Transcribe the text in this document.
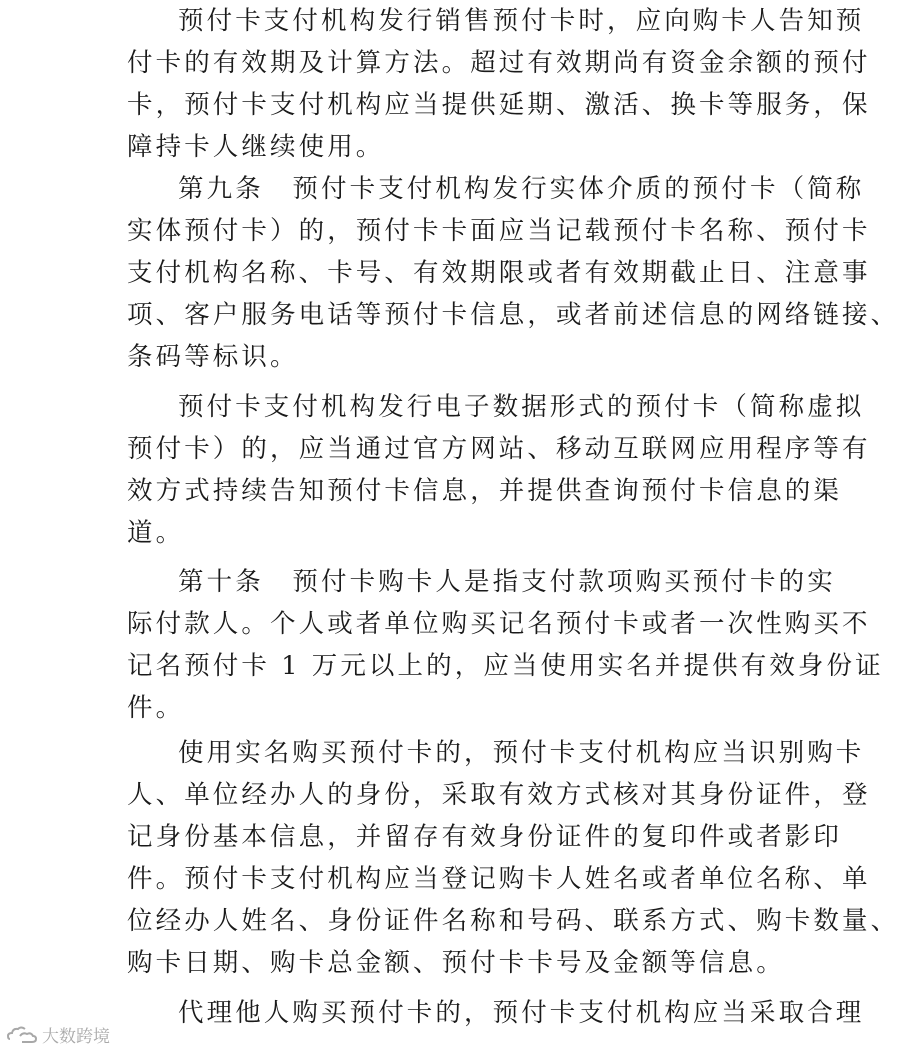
预付卡支付机构发行销售预付卡时，应向购卡人告知预
付卡的有效期及计算方法。超过有效期尚有资金余额的预付
卡，预付卡支付机构应当提供延期、激活、换卡等服务，保
障持卡人继续使用。
第九条　预付卡支付机构发行实体介质的预付卡（简称
实体预付卡）的，预付卡卡面应当记载预付卡名称、预付卡
支付机构名称、卡号、有效期限或者有效期截止日、注意事
项、客户服务电话等预付卡信息，或者前述信息的网络链接、
条码等标识。
预付卡支付机构发行电子数据形式的预付卡（简称虚拟
预付卡）的，应当通过官方网站、移动互联网应用程序等有
效方式持续告知预付卡信息，并提供查询预付卡信息的渠
道。
第十条　预付卡购卡人是指支付款项购买预付卡的实
际付款人。个人或者单位购买记名预付卡或者一次性购买不
记名预付卡 1 万元以上的，应当使用实名并提供有效身份证
件。
使用实名购买预付卡的，预付卡支付机构应当识别购卡
人、单位经办人的身份，采取有效方式核对其身份证件，登
记身份基本信息，并留存有效身份证件的复印件或者影印
件。预付卡支付机构应当登记购卡人姓名或者单位名称、单
位经办人姓名、身份证件名称和号码、联系方式、购卡数量、
购卡日期、购卡总金额、预付卡卡号及金额等信息。
代理他人购买预付卡的，预付卡支付机构应当采取合理
大数跨境
